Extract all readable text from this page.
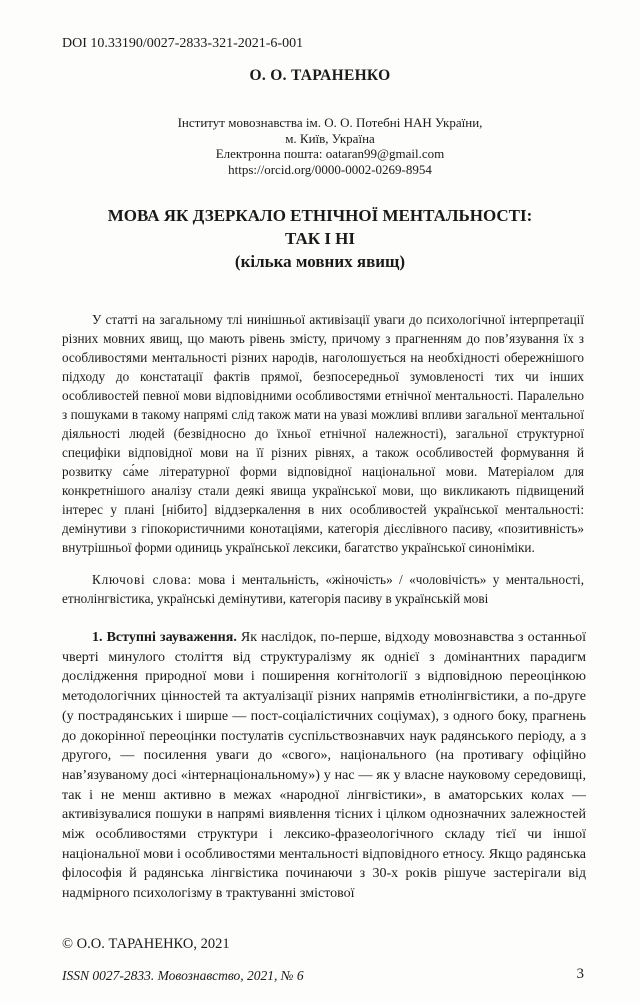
DOI 10.33190/0027-2833-321-2021-6-001
О. О. ТАРАНЕНКО
Інститут мовознавства ім. О. О. Потебні НАН України,
м. Київ, Україна
Електронна пошта: oataran99@gmail.com
https://orcid.org/0000-0002-0269-8954
МОВА ЯК ДЗЕРКАЛО ЕТНІЧНОЇ МЕНТАЛЬНОСТІ:
ТАК І НІ
(кілька мовних явищ)

У статті на загальному тлі нинішньої активізації уваги до психологічної інтерпретації різних мовних явищ, що мають рівень змісту, причому з прагненням до пов’язування їх з особливостями ментальності різних народів, наголошується на необхідності обережнішого підходу до констатації фактів прямої, безпосередньої зумовленості тих чи інших особливостей певної мови відповідними особливостями етнічної ментальності. Паралельно з пошуками в такому напрямі слід також мати на увазі можливі впливи загальної ментальної діяльності людей (безвідносно до їхньої етнічної належності), загальної структурної специфіки відповідної мови на її різних рівнях, а також особливостей формування й розвитку са́ме літературної форми відповідної національної мови. Матеріалом для конкретнішого аналізу стали деякі явища української мови, що викликають підвищений інтерес у плані [нібито] віддзеркалення в них особливостей української ментальності: демінутиви з гіпокористичними конотаціями, категорія дієслівного пасиву, «позитивність» внутрішньої форми одиниць української лексики, багатство української синоніміки.

Ключові слова: мова і ментальність, «жіночість» / «чоловічість» у ментальності, етнолінгвістика, українські демінутиви, категорія пасиву в українській мові

1. Вступні зауваження. Як наслідок, по-перше, відходу мовознавства з останньої чверті минулого століття від структуралізму як однієї з домінантних парадигм дослідження природної мови і поширення когнітології з відповідною переоцінкою методологічних цінностей та актуалізації різних напрямів етнолінгвістики, а по-друге (у пострадянських і ширше — пост-соціалістичних соціумах), з одного боку, прагнень до докорінної переоцінки постулатів суспільствознавчих наук радянського періоду, а з другого, — посилення уваги до «свого», національного (на противагу офіційно нав’язуваному досі «інтернаціональному») у нас — як у власне науковому середовищі, так і не менш активно в межах «народної лінгвістики», в аматорських колах — активізувалися пошуки в напрямі виявлення тісних і цілком однозначних залежностей між особливостями структури і лексико-фразеологічного складу тієї чи іншої національної мови і особливостями ментальності відповідного етносу. Якщо радянська філософія й радянська лінгвістика починаючи з 30-х років рішуче застерігали від надмірного психологізму в трактуванні змістової

© О.О. ТАРАНЕНКО, 2021
ISSN 0027-2833. Мовознавство, 2021, № 6	3
